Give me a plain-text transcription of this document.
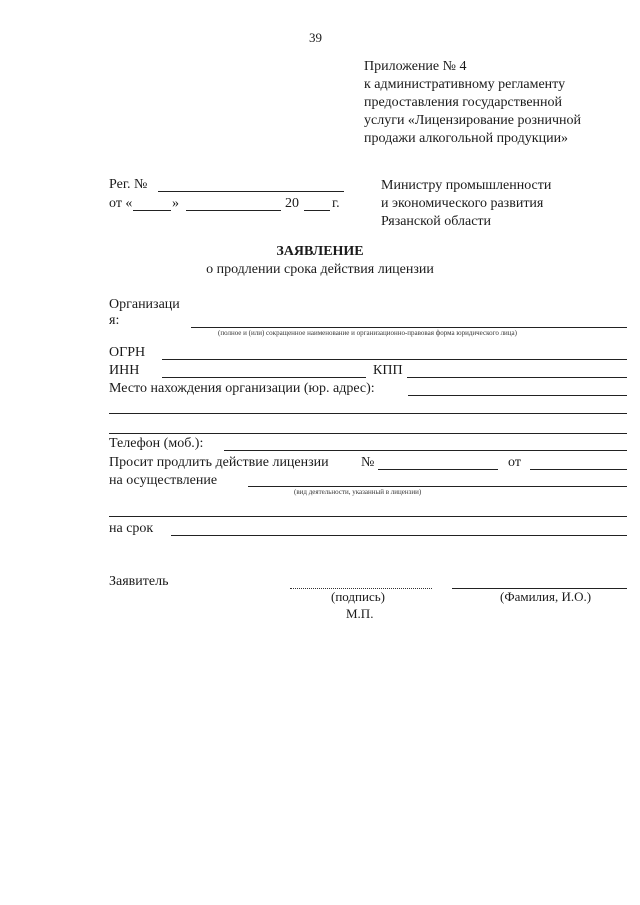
39
Приложение № 4
к административному регламенту
предоставления государственной
услуги «Лицензирование розничной
продажи алкогольной продукции»
Рег. №
от «	»	20 г.
Министру промышленности
и экономического развития
Рязанской области
ЗАЯВЛЕНИЕ
о продлении срока действия лицензии
Организаци
я:
(полное и (или) сокращенное наименование и организационно-правовая форма юридического лица)
ОГРН
ИНН	КПП
Место нахождения организации (юр. адрес):
Телефон (моб.):
Просит продлить действие лицензии №	от
на осуществление
(вид деятельности, указанный в лицензии)
на срок
Заявитель
(подпись)	(Фамилия, И.О.)
М.П.
